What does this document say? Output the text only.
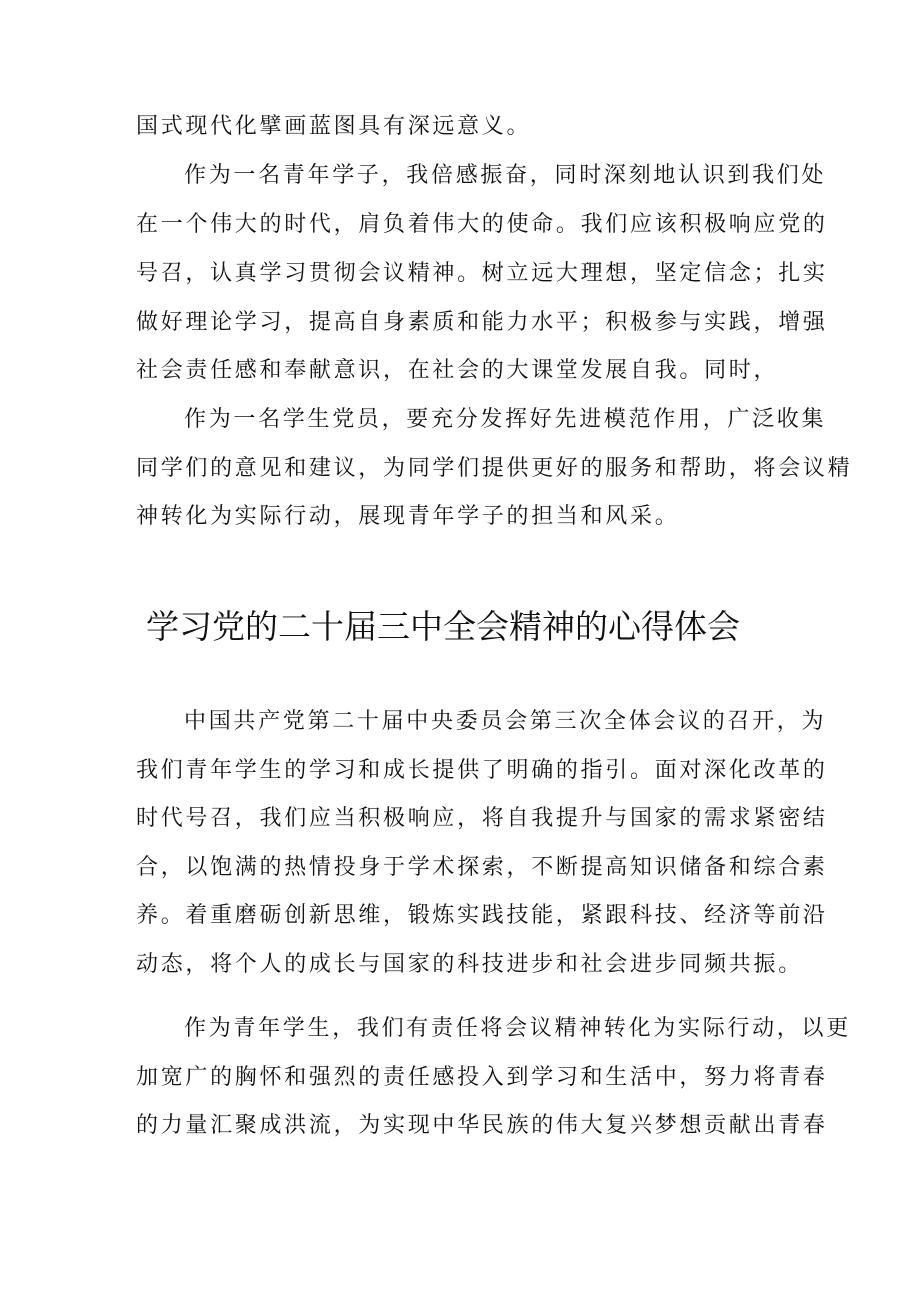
国式现代化擘画蓝图具有深远意义。
作为一名青年学子，我倍感振奋，同时深刻地认识到我们处
在一个伟大的时代，肩负着伟大的使命。我们应该积极响应党的
号召，认真学习贯彻会议精神。树立远大理想，坚定信念；扎实
做好理论学习，提高自身素质和能力水平；积极参与实践，增强
社会责任感和奉献意识，在社会的大课堂发展自我。同时，
作为一名学生党员，要充分发挥好先进模范作用，广泛收集
同学们的意见和建议，为同学们提供更好的服务和帮助，将会议精
神转化为实际行动，展现青年学子的担当和风采。
学习党的二十届三中全会精神的心得体会
中国共产党第二十届中央委员会第三次全体会议的召开，为
我们青年学生的学习和成长提供了明确的指引。面对深化改革的
时代号召，我们应当积极响应，将自我提升与国家的需求紧密结
合，以饱满的热情投身于学术探索，不断提高知识储备和综合素
养。着重磨砺创新思维，锻炼实践技能，紧跟科技、经济等前沿
动态，将个人的成长与国家的科技进步和社会进步同频共振。
作为青年学生，我们有责任将会议精神转化为实际行动，以更
加宽广的胸怀和强烈的责任感投入到学习和生活中，努力将青春
的力量汇聚成洪流，为实现中华民族的伟大复兴梦想贡献出青春
